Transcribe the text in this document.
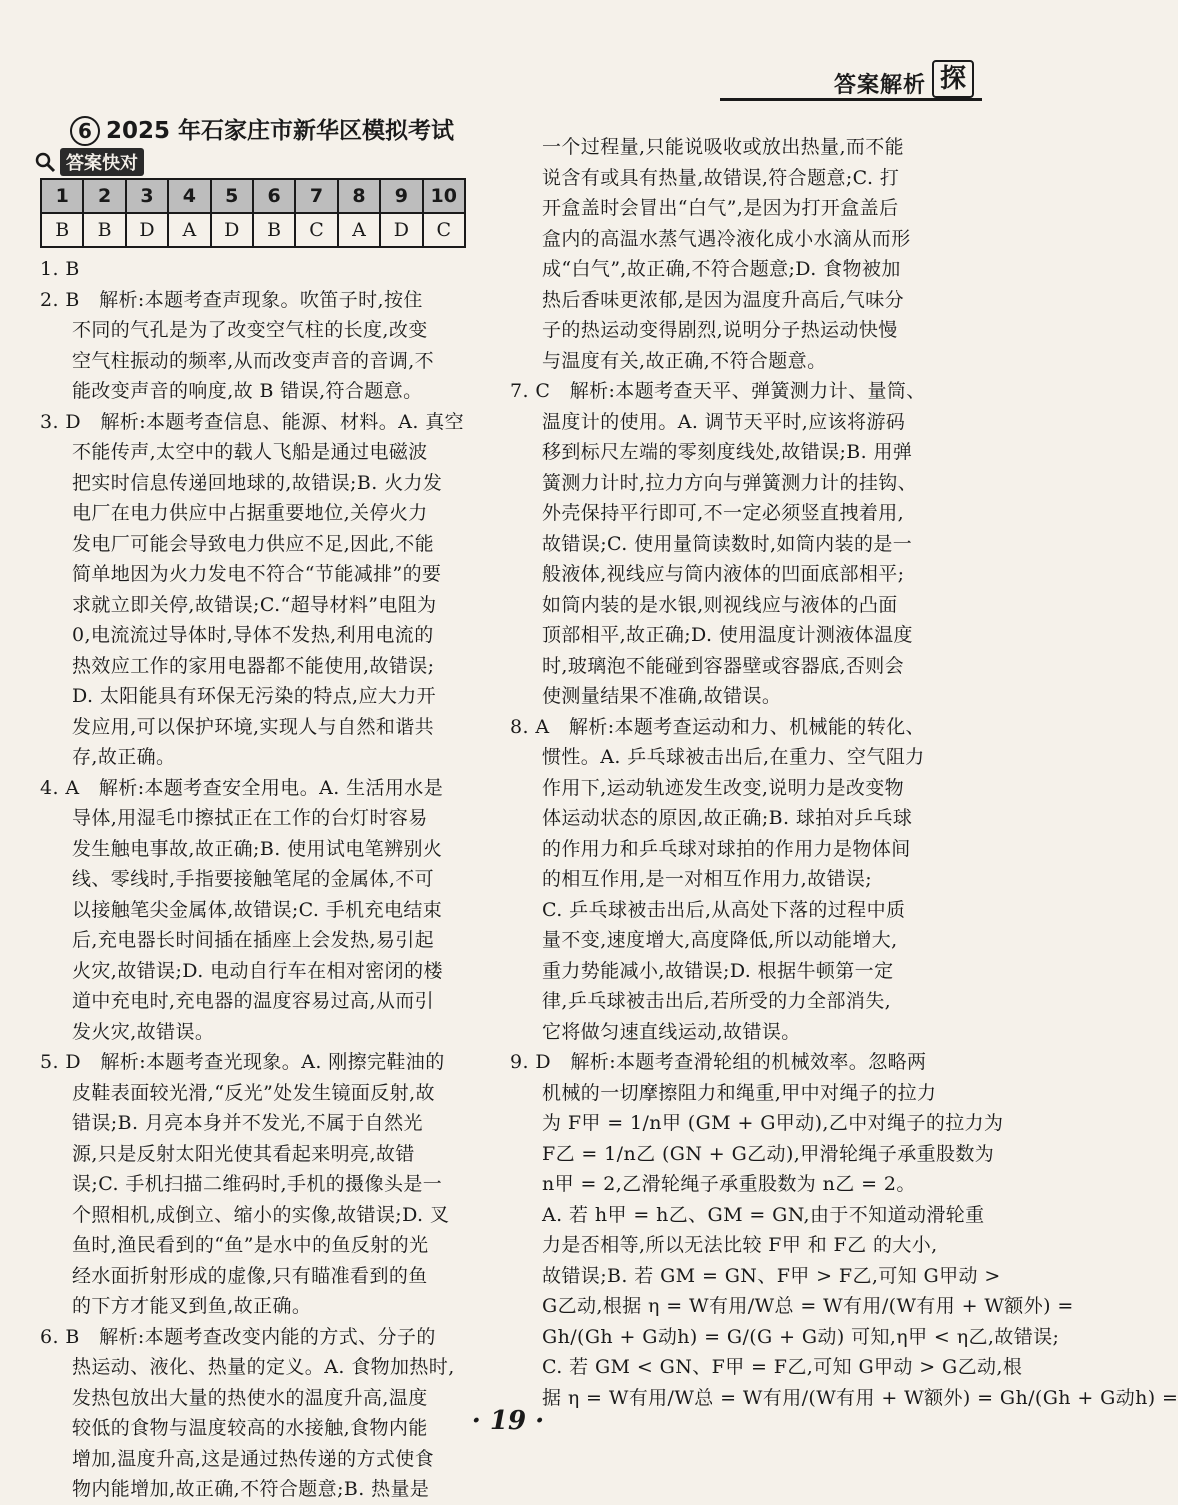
答案解析 探
6 2025 年石家庄市新华区模拟考试
答案快对
1	2	3	4	5	6	7	8	9	10
B	B	D	A	D	B	C	A	D	C
1. B
2. B　解析:本题考查声现象。吹笛子时,按住
不同的气孔是为了改变空气柱的长度,改变
空气柱振动的频率,从而改变声音的音调,不
能改变声音的响度,故 B 错误,符合题意。
3. D　解析:本题考查信息、能源、材料。A. 真空
不能传声,太空中的载人飞船是通过电磁波
把实时信息传递回地球的,故错误;B. 火力发
电厂在电力供应中占据重要地位,关停火力
发电厂可能会导致电力供应不足,因此,不能
简单地因为火力发电不符合“节能减排”的要
求就立即关停,故错误;C.“超导材料”电阻为
0,电流流过导体时,导体不发热,利用电流的
热效应工作的家用电器都不能使用,故错误;
D. 太阳能具有环保无污染的特点,应大力开
发应用,可以保护环境,实现人与自然和谐共
存,故正确。
4. A　解析:本题考查安全用电。A. 生活用水是
导体,用湿毛巾擦拭正在工作的台灯时容易
发生触电事故,故正确;B. 使用试电笔辨别火
线、零线时,手指要接触笔尾的金属体,不可
以接触笔尖金属体,故错误;C. 手机充电结束
后,充电器长时间插在插座上会发热,易引起
火灾,故错误;D. 电动自行车在相对密闭的楼
道中充电时,充电器的温度容易过高,从而引
发火灾,故错误。
5. D　解析:本题考查光现象。A. 刚擦完鞋油的
皮鞋表面较光滑,“反光”处发生镜面反射,故
错误;B. 月亮本身并不发光,不属于自然光
源,只是反射太阳光使其看起来明亮,故错
误;C. 手机扫描二维码时,手机的摄像头是一
个照相机,成倒立、缩小的实像,故错误;D. 叉
鱼时,渔民看到的“鱼”是水中的鱼反射的光
经水面折射形成的虚像,只有瞄准看到的鱼
的下方才能叉到鱼,故正确。
6. B　解析:本题考查改变内能的方式、分子的
热运动、液化、热量的定义。A. 食物加热时,
发热包放出大量的热使水的温度升高,温度
较低的食物与温度较高的水接触,食物内能
增加,温度升高,这是通过热传递的方式使食
物内能增加,故正确,不符合题意;B. 热量是
一个过程量,只能说吸收或放出热量,而不能
说含有或具有热量,故错误,符合题意;C. 打
开盒盖时会冒出“白气”,是因为打开盒盖后
盒内的高温水蒸气遇冷液化成小水滴从而形
成“白气”,故正确,不符合题意;D. 食物被加
热后香味更浓郁,是因为温度升高后,气味分
子的热运动变得剧烈,说明分子热运动快慢
与温度有关,故正确,不符合题意。
7. C　解析:本题考查天平、弹簧测力计、量筒、
温度计的使用。A. 调节天平时,应该将游码
移到标尺左端的零刻度线处,故错误;B. 用弹
簧测力计时,拉力方向与弹簧测力计的挂钩、
外壳保持平行即可,不一定必须竖直拽着用,
故错误;C. 使用量筒读数时,如筒内装的是一
般液体,视线应与筒内液体的凹面底部相平;
如筒内装的是水银,则视线应与液体的凸面
顶部相平,故正确;D. 使用温度计测液体温度
时,玻璃泡不能碰到容器壁或容器底,否则会
使测量结果不准确,故错误。
8. A　解析:本题考查运动和力、机械能的转化、
惯性。A. 乒乓球被击出后,在重力、空气阻力
作用下,运动轨迹发生改变,说明力是改变物
体运动状态的原因,故正确;B. 球拍对乒乓球
的作用力和乒乓球对球拍的作用力是物体间
的相互作用,是一对相互作用力,故错误;
C. 乒乓球被击出后,从高处下落的过程中质
量不变,速度增大,高度降低,所以动能增大,
重力势能减小,故错误;D. 根据牛顿第一定
律,乒乓球被击出后,若所受的力全部消失,
它将做匀速直线运动,故错误。
9. D　解析:本题考查滑轮组的机械效率。忽略两
机械的一切摩擦阻力和绳重,甲中对绳子的拉力
为 F甲 = 1/n甲 (GM + G甲动),乙中对绳子的拉力为
F乙 = 1/n乙 (GN + G乙动),甲滑轮绳子承重股数为
n甲 = 2,乙滑轮绳子承重股数为 n乙 = 2。
A. 若 h甲 = h乙、GM = GN,由于不知道动滑轮重
力是否相等,所以无法比较 F甲 和 F乙 的大小,
故错误;B. 若 GM = GN、F甲 > F乙,可知 G甲动 >
G乙动,根据 η = W有用/W总 = W有用/(W有用 + W额外) =
Gh/(Gh + G动h) = G/(G + G动) 可知,η甲 < η乙,故错误;
C. 若 GM < GN、F甲 = F乙,可知 G甲动 > G乙动,根
据 η = W有用/W总 = W有用/(W有用 + W额外) = Gh/(Gh + G动h) =
· 19 ·
